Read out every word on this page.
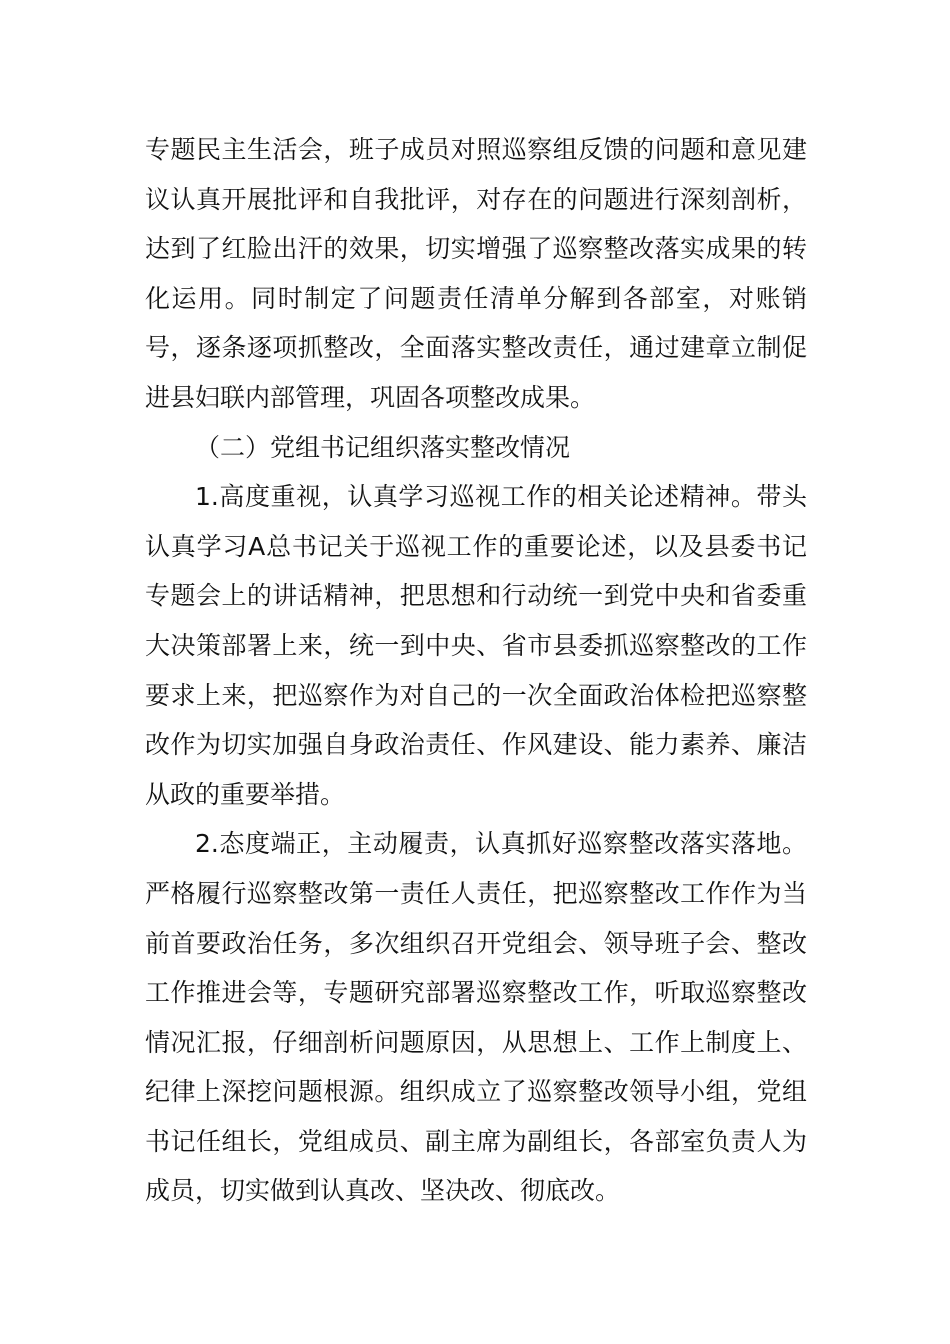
专题民主生活会，班子成员对照巡察组反馈的问题和意见建议认真开展批评和自我批评，对存在的问题进行深刻剖析，达到了红脸出汗的效果，切实增强了巡察整改落实成果的转化运用。同时制定了问题责任清单分解到各部室，对账销号，逐条逐项抓整改，全面落实整改责任，通过建章立制促进县妇联内部管理，巩固各项整改成果。

（二）党组书记组织落实整改情况

1.高度重视，认真学习巡视工作的相关论述精神。带头认真学习A总书记关于巡视工作的重要论述，以及县委书记专题会上的讲话精神，把思想和行动统一到党中央和省委重大决策部署上来，统一到中央、省市县委抓巡察整改的工作要求上来，把巡察作为对自己的一次全面政治体检把巡察整改作为切实加强自身政治责任、作风建设、能力素养、廉洁从政的重要举措。

2.态度端正，主动履责，认真抓好巡察整改落实落地。严格履行巡察整改第一责任人责任，把巡察整改工作作为当前首要政治任务，多次组织召开党组会、领导班子会、整改工作推进会等，专题研究部署巡察整改工作，听取巡察整改情况汇报，仔细剖析问题原因，从思想上、工作上制度上、纪律上深挖问题根源。组织成立了巡察整改领导小组，党组书记任组长，党组成员、副主席为副组长，各部室负责人为成员，切实做到认真改、坚决改、彻底改。
